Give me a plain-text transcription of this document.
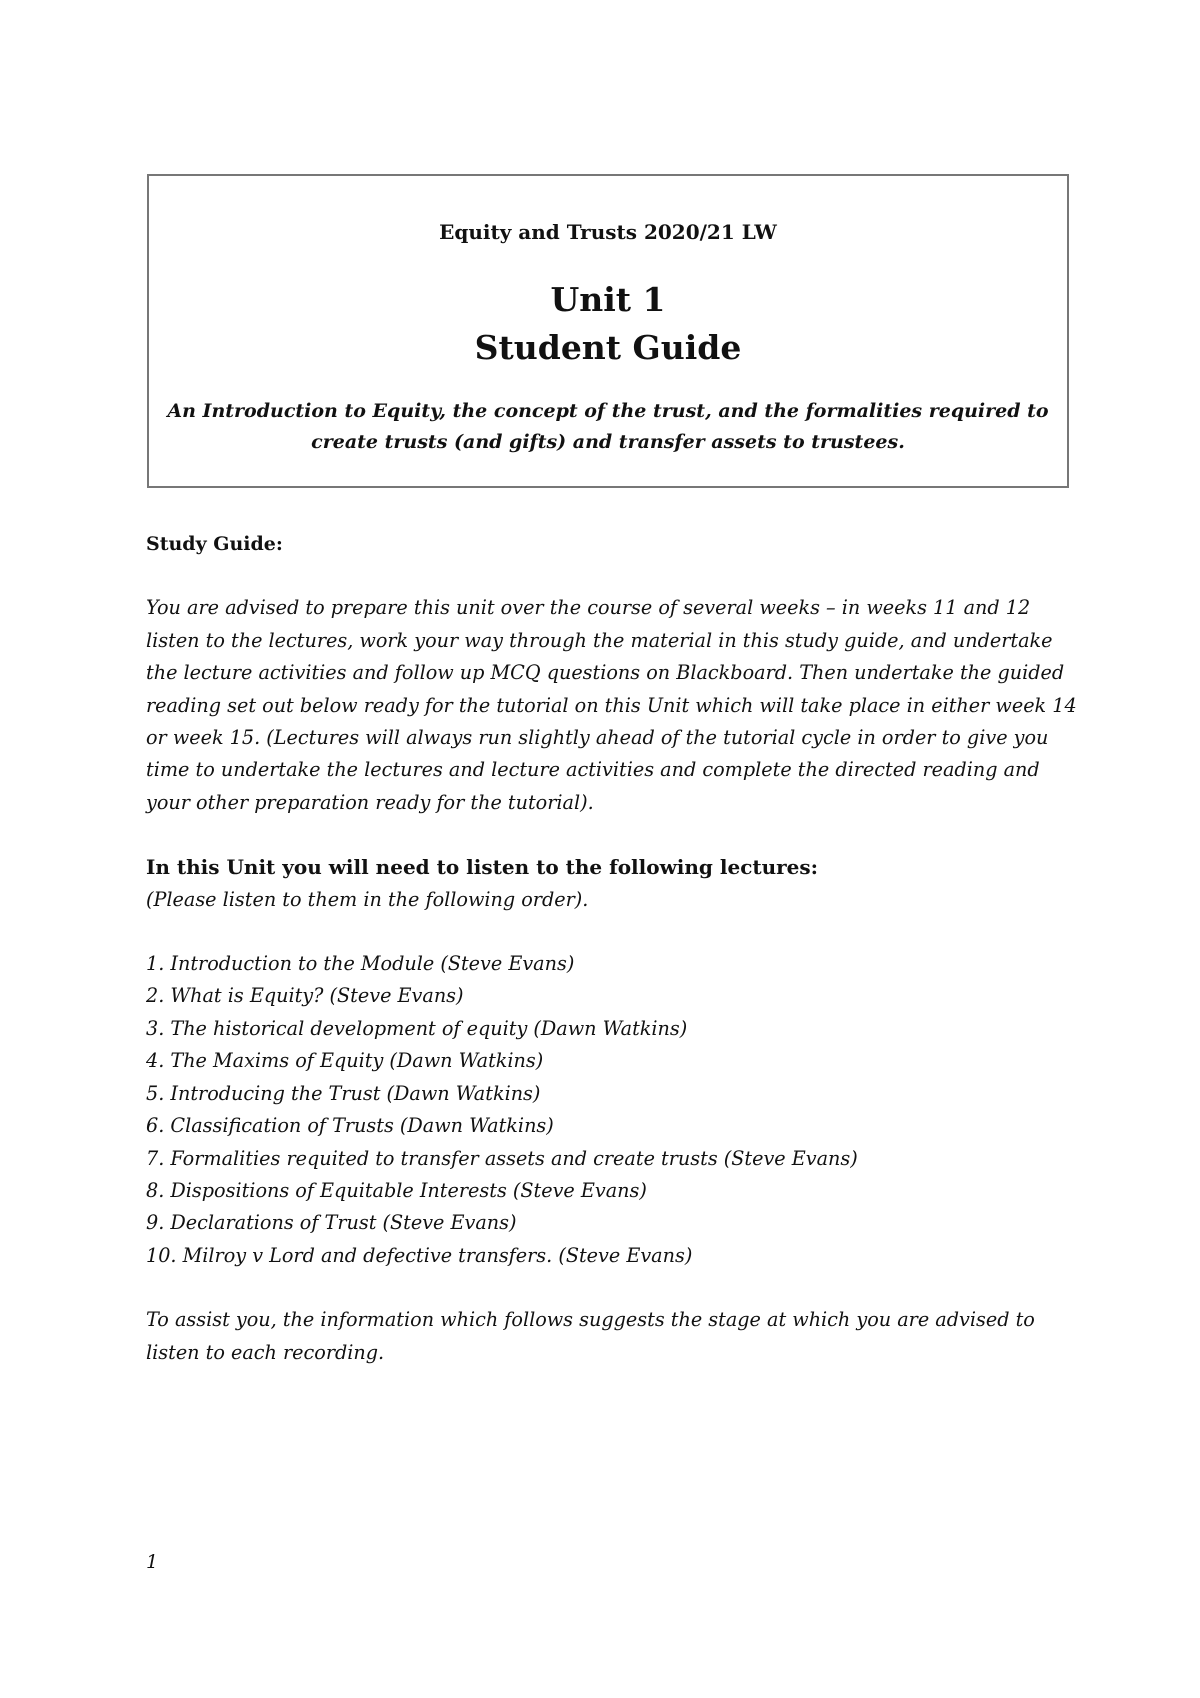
Equity and Trusts 2020/21 LW
Unit 1
Student Guide
An Introduction to Equity, the concept of the trust, and the formalities required to create trusts (and gifts) and transfer assets to trustees.
Study Guide:

You are advised to prepare this unit over the course of several weeks – in weeks 11 and 12 listen to the lectures, work your way through the material in this study guide, and undertake the lecture activities and follow up MCQ questions on Blackboard. Then undertake the guided reading set out below ready for the tutorial on this Unit which will take place in either week 14 or week 15. (Lectures will always run slightly ahead of the tutorial cycle in order to give you time to undertake the lectures and lecture activities and complete the directed reading and your other preparation ready for the tutorial).

In this Unit you will need to listen to the following lectures:
(Please listen to them in the following order).
1. Introduction to the Module (Steve Evans)
2. What is Equity? (Steve Evans)
3. The historical development of equity (Dawn Watkins)
4. The Maxims of Equity (Dawn Watkins)
5. Introducing the Trust (Dawn Watkins)
6. Classification of Trusts (Dawn Watkins)
7. Formalities requited to transfer assets and create trusts (Steve Evans)
8. Dispositions of Equitable Interests (Steve Evans)
9. Declarations of Trust (Steve Evans)
10. Milroy v Lord and defective transfers. (Steve Evans)

To assist you, the information which follows suggests the stage at which you are advised to listen to each recording.

1
